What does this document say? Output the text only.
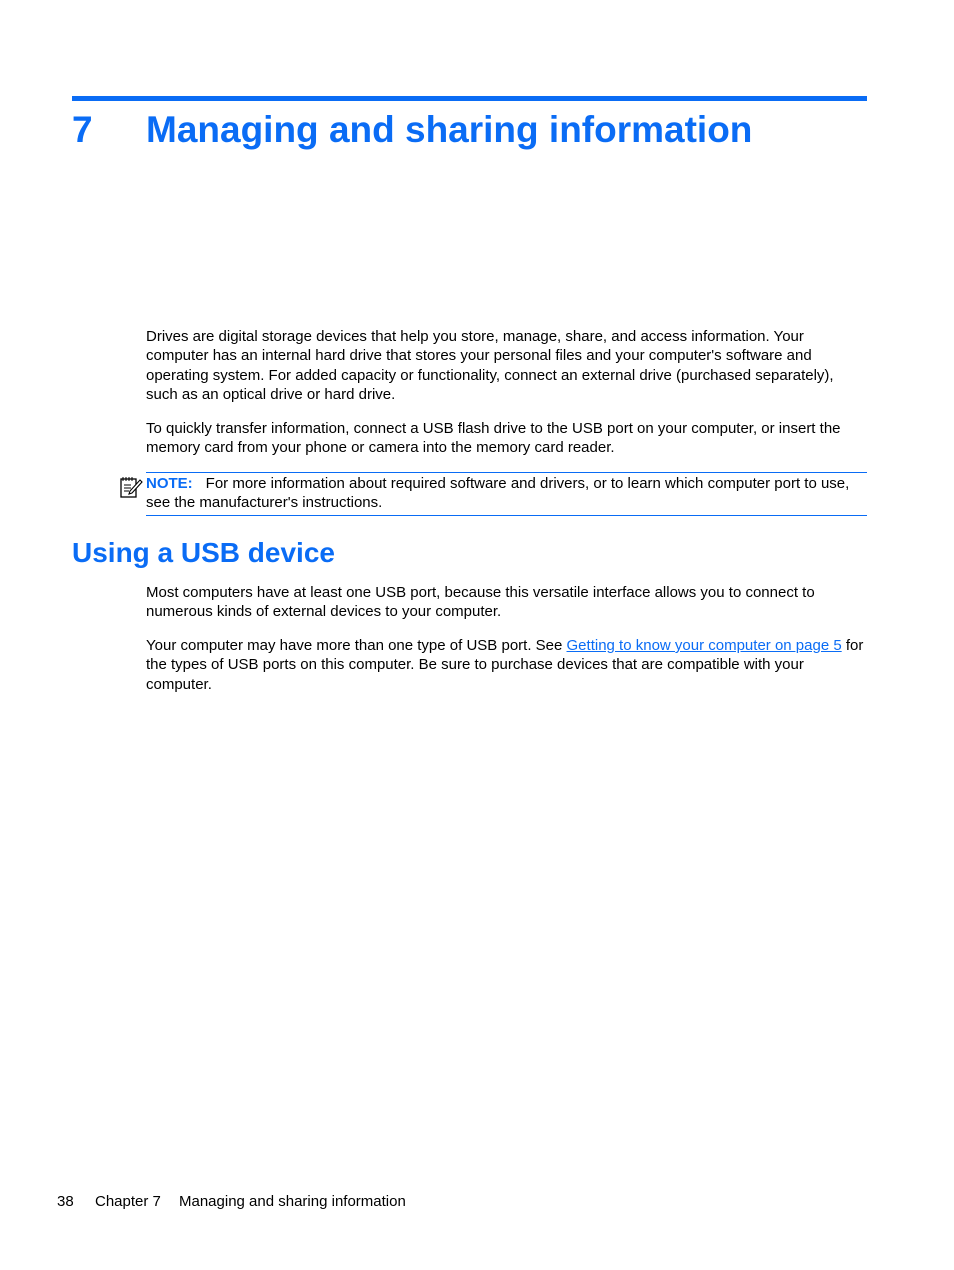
7 Managing and sharing information

Drives are digital storage devices that help you store, manage, share, and access information. Your computer has an internal hard drive that stores your personal files and your computer's software and operating system. For added capacity or functionality, connect an external drive (purchased separately), such as an optical drive or hard drive.

To quickly transfer information, connect a USB flash drive to the USB port on your computer, or insert the memory card from your phone or camera into the memory card reader.

NOTE: For more information about required software and drivers, or to learn which computer port to use, see the manufacturer's instructions.
Using a USB device

Most computers have at least one USB port, because this versatile interface allows you to connect to numerous kinds of external devices to your computer.

Your computer may have more than one type of USB port. See Getting to know your computer on page 5 for the types of USB ports on this computer. Be sure to purchase devices that are compatible with your computer.

38 Chapter 7 Managing and sharing information
